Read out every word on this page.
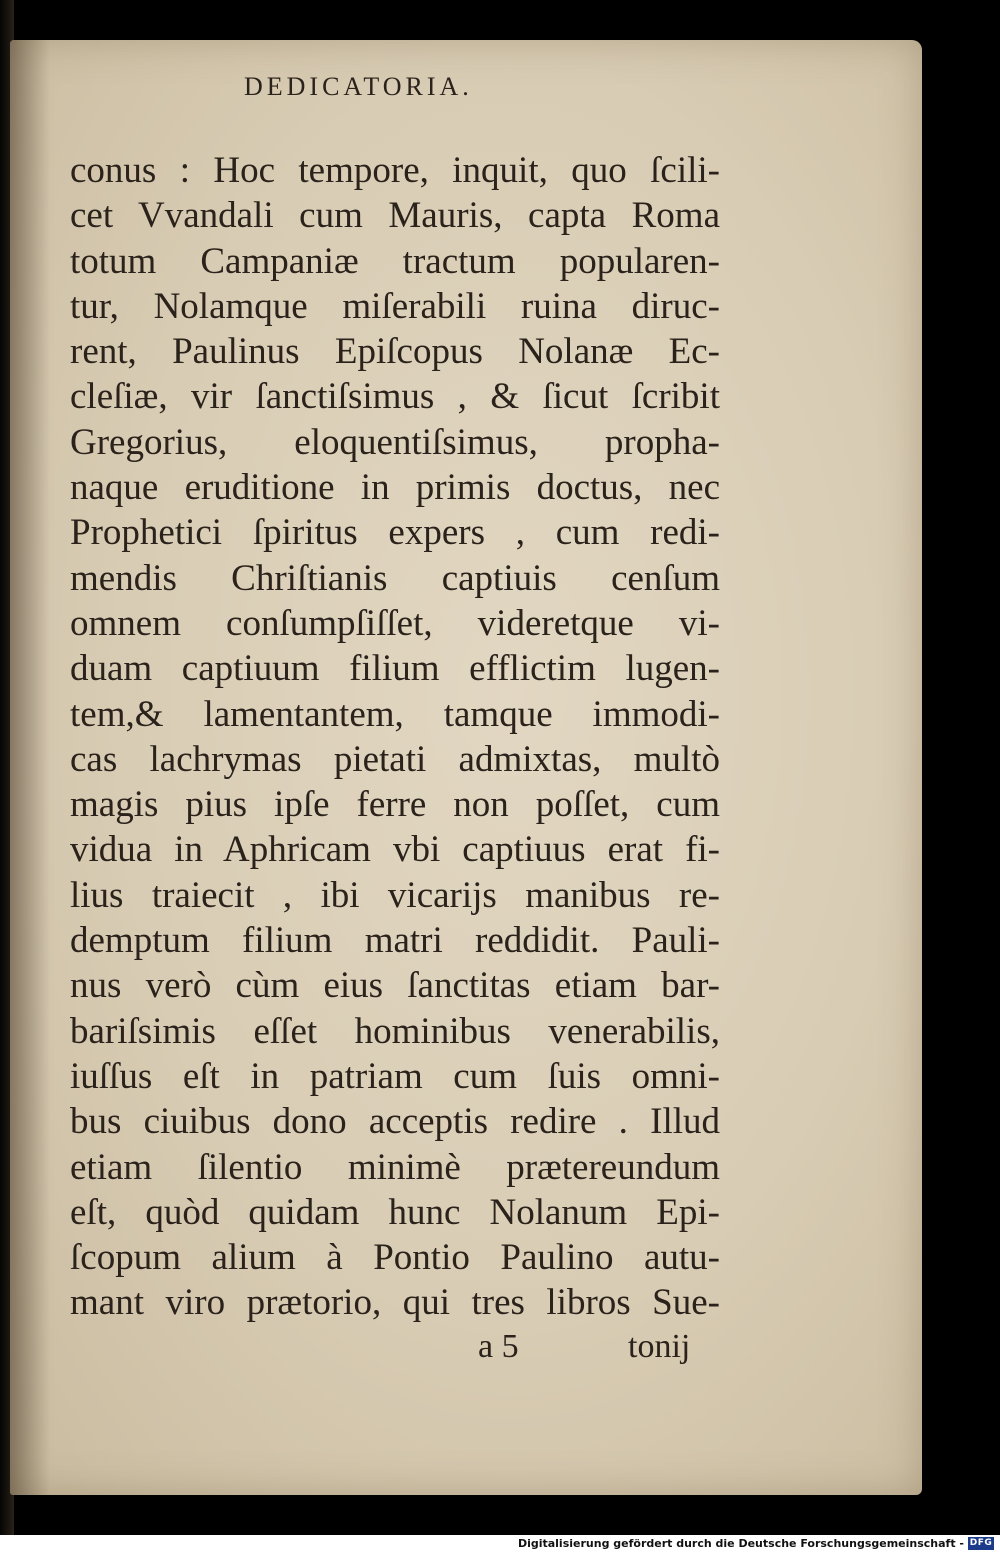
DEDICATORIA.
conus : Hoc tempore, inquit, quo ſcili-
cet Vvandali cum Mauris, capta Roma
totum Campaniæ tractum popularen-
tur, Nolamque miſerabili ruina diruc-
rent, Paulinus Epiſcopus Nolanæ Ec-
cleſiæ, vir ſanctiſsimus , & ſicut ſcribit
Gregorius, eloquentiſsimus, propha-
naque eruditione in primis doctus, nec
Prophetici ſpiritus expers , cum redi-
mendis Chriſtianis captiuis cenſum
omnem conſumpſiſſet, videretque vi-
duam captiuum filium efflictim lugen-
tem,& lamentantem, tamque immodi-
cas lachrymas pietati admixtas, multò
magis pius ipſe ferre non poſſet, cum
vidua in Aphricam vbi captiuus erat fi-
lius traiecit , ibi vicarijs manibus re-
demptum filium matri reddidit. Pauli-
nus verò cùm eius ſanctitas etiam bar-
bariſsimis eſſet hominibus venerabilis,
iuſſus eſt in patriam cum ſuis omni-
bus ciuibus dono acceptis redire . Illud
etiam ſilentio minimè prætereundum
eſt, quòd quidam hunc Nolanum Epi-
ſcopum alium à Pontio Paulino autu-
mant viro prætorio, qui tres libros Sue-
a 5	tonij
Digitalisierung gefördert durch die Deutsche Forschungsgemeinschaft - DFG
